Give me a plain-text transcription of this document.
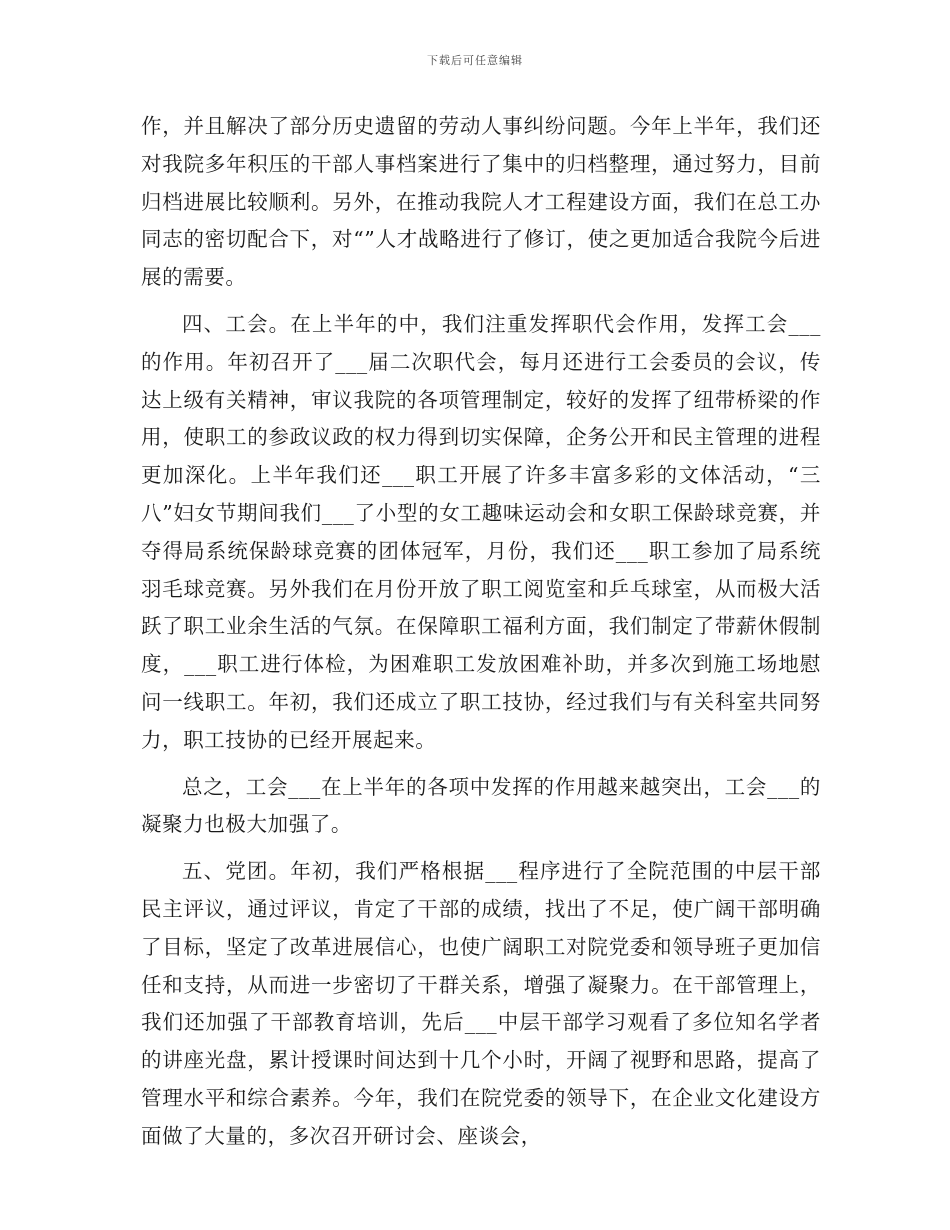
下载后可任意编辑

作，并且解决了部分历史遗留的劳动人事纠纷问题。今年上半年，我们还对我院多年积压的干部人事档案进行了集中的归档整理，通过努力，目前归档进展比较顺利。另外，在推动我院人才工程建设方面，我们在总工办同志的密切配合下，对“”人才战略进行了修订，使之更加适合我院今后进展的需要。

四、工会。在上半年的中，我们注重发挥职代会作用，发挥工会___的作用。年初召开了___届二次职代会，每月还进行工会委员的会议，传达上级有关精神，审议我院的各项管理制定，较好的发挥了纽带桥梁的作用，使职工的参政议政的权力得到切实保障，企务公开和民主管理的进程更加深化。上半年我们还___职工开展了许多丰富多彩的文体活动，“三八”妇女节期间我们___了小型的女工趣味运动会和女职工保龄球竞赛，并夺得局系统保龄球竞赛的团体冠军，月份，我们还___职工参加了局系统羽毛球竞赛。另外我们在月份开放了职工阅览室和乒乓球室，从而极大活跃了职工业余生活的气氛。在保障职工福利方面，我们制定了带薪休假制度，___职工进行体检，为困难职工发放困难补助，并多次到施工场地慰问一线职工。年初，我们还成立了职工技协，经过我们与有关科室共同努力，职工技协的已经开展起来。

总之，工会___在上半年的各项中发挥的作用越来越突出，工会___的凝聚力也极大加强了。

五、党团。年初，我们严格根据___程序进行了全院范围的中层干部民主评议，通过评议，肯定了干部的成绩，找出了不足，使广阔干部明确了目标，坚定了改革进展信心，也使广阔职工对院党委和领导班子更加信任和支持，从而进一步密切了干群关系，增强了凝聚力。在干部管理上，我们还加强了干部教育培训，先后___中层干部学习观看了多位知名学者的讲座光盘，累计授课时间达到十几个小时，开阔了视野和思路，提高了管理水平和综合素养。今年，我们在院党委的领导下，在企业文化建设方面做了大量的，多次召开研讨会、座谈会，
